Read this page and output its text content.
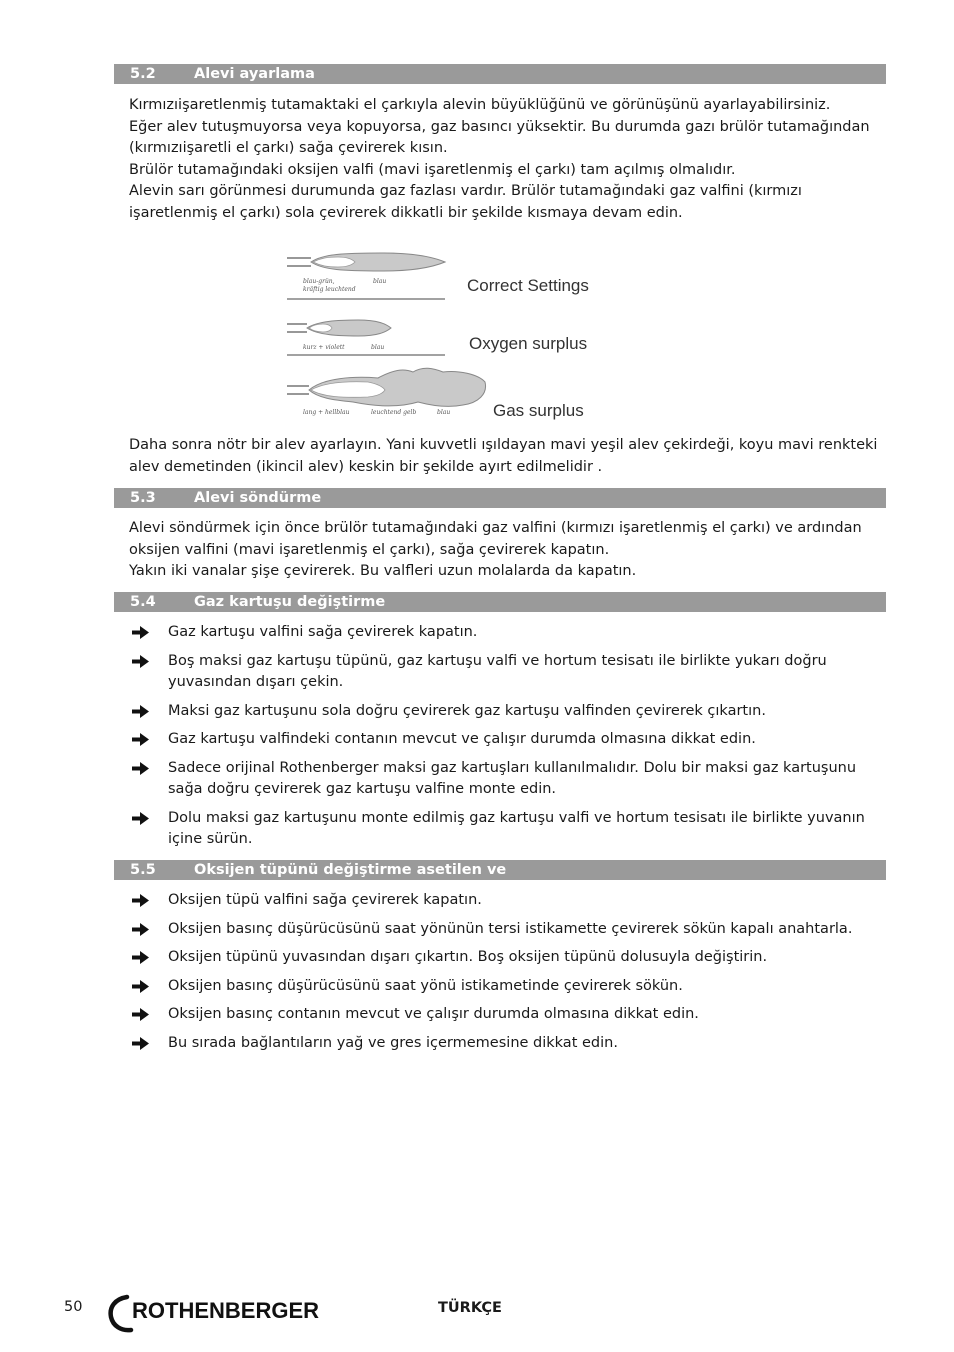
5.2	Alevi ayarlama

Kırmızıişaretlenmiş tutamaktaki el çarkıyla alevin büyüklüğünü ve görünüşünü ayarlayabilirsiniz.

Eğer alev tutuşmuyorsa veya kopuyorsa, gaz basıncı yüksektir. Bu durumda gazı brülör tutamağından (kırmızıişaretli el çarkı) sağa çevirerek kısın.

Brülör tutamağındaki oksijen valfi (mavi işaretlenmiş el çarkı) tam açılmış olmalıdır.

Alevin sarı görünmesi durumunda gaz fazlası vardır. Brülör tutamağındaki gaz valfini (kırmızı işaretlenmiş el çarkı) sola çevirerek dikkatli bir şekilde kısmaya devam edin.

blau-grün,
kräftig leuchtend
blau	Correct Settings
kurz + violett	blau	Oxygen surplus
lang + hellblau	leuchtend gelb	blau	Gas surplus

Daha sonra nötr bir alev ayarlayın. Yani kuvvetli ışıldayan mavi yeşil alev çekirdeği, koyu mavi renkteki alev demetinden (ikincil alev) keskin bir şekilde ayırt edilmelidir .

5.3	Alevi söndürme

Alevi söndürmek için önce brülör tutamağındaki gaz valfini (kırmızı işaretlenmiş el çarkı) ve ardından oksijen valfini (mavi işaretlenmiş el çarkı), sağa çevirerek kapatın.

Yakın iki vanalar şişe çevirerek. Bu valfleri uzun molalarda da kapatın.

5.4	Gaz kartuşu değiştirme
Gaz kartuşu valfini sağa çevirerek kapatın.
Boş maksi gaz kartuşu tüpünü, gaz kartuşu valfi ve hortum tesisatı ile birlikte yukarı doğru yuvasından dışarı çekin.
Maksi gaz kartuşunu sola doğru çevirerek gaz kartuşu valfinden çevirerek çıkartın.
Gaz kartuşu valfindeki contanın mevcut ve çalışır durumda olmasına dikkat edin.
Sadece orijinal Rothenberger maksi gaz kartuşları kullanılmalıdır. Dolu bir maksi gaz kartuşunu sağa doğru çevirerek gaz kartuşu valfine monte edin.
Dolu maksi gaz kartuşunu monte edilmiş gaz kartuşu valfi ve hortum tesisatı ile birlikte yuvanın içine sürün.
5.5	Oksijen tüpünü değiştirme asetilen ve
Oksijen tüpü valfini sağa çevirerek kapatın.
Oksijen basınç düşürücüsünü saat yönünün tersi istikamette çevirerek sökün kapalı anahtarla.
Oksijen tüpünü yuvasından dışarı çıkartın. Boş oksijen tüpünü dolusuyla değiştirin.
Oksijen basınç düşürücüsünü saat yönü istikametinde çevirerek sökün.
Oksijen basınç contanın mevcut ve çalışır durumda olmasına dikkat edin.
Bu sırada bağlantıların yağ ve gres içermemesine dikkat edin.
50 ROTHENBERGER	TÜRKÇE
